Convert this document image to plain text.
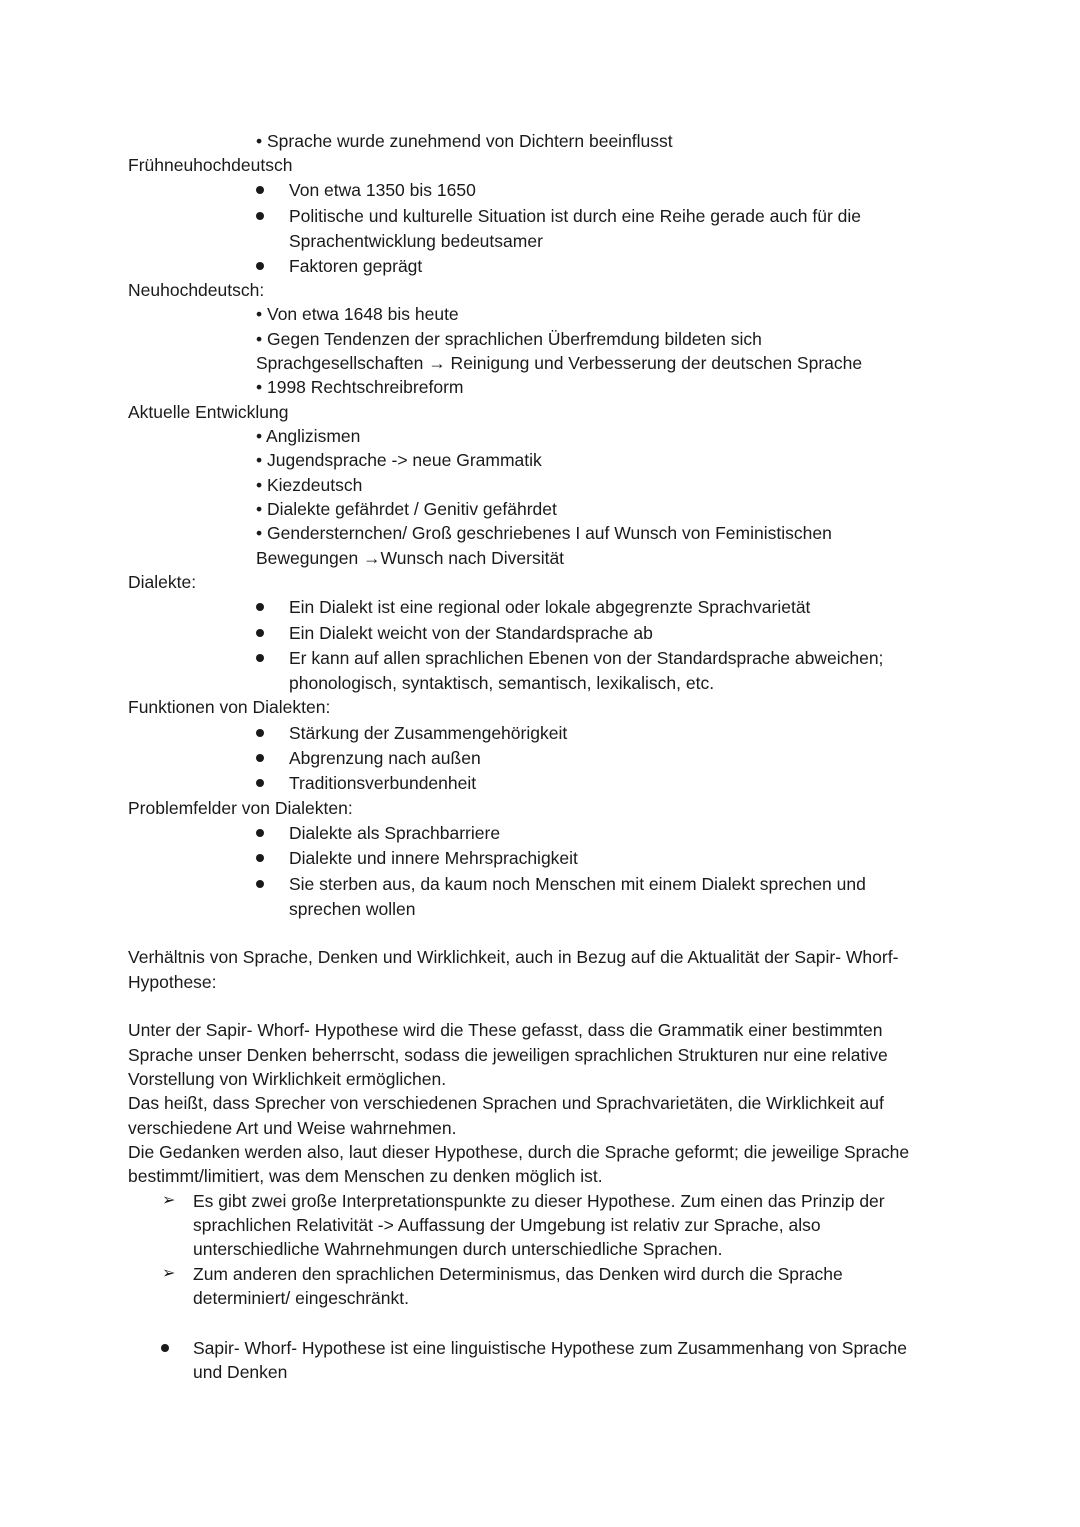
• Sprache wurde zunehmend von Dichtern beeinflusst
Frühneuhochdeutsch
Von etwa 1350 bis 1650
Politische und kulturelle Situation ist durch eine Reihe gerade auch für die
Sprachentwicklung bedeutsamer
Faktoren geprägt
Neuhochdeutsch:
• Von etwa 1648 bis heute
• Gegen Tendenzen der sprachlichen Überfremdung bildeten sich
Sprachgesellschaften → Reinigung und Verbesserung der deutschen Sprache
• 1998 Rechtschreibreform
Aktuelle Entwicklung
• Anglizismen
• Jugendsprache -> neue Grammatik
• Kiezdeutsch
• Dialekte gefährdet / Genitiv gefährdet
• Gendersternchen/ Groß geschriebenes I auf Wunsch von Feministischen
Bewegungen →Wunsch nach Diversität
Dialekte:
Ein Dialekt ist eine regional oder lokale abgegrenzte Sprachvarietät
Ein Dialekt weicht von der Standardsprache ab
Er kann auf allen sprachlichen Ebenen von der Standardsprache abweichen;
phonologisch, syntaktisch, semantisch, lexikalisch, etc.
Funktionen von Dialekten:
Stärkung der Zusammengehörigkeit
Abgrenzung nach außen
Traditionsverbundenheit
Problemfelder von Dialekten:
Dialekte als Sprachbarriere
Dialekte und innere Mehrsprachigkeit
Sie sterben aus, da kaum noch Menschen mit einem Dialekt sprechen und
sprechen wollen
Verhältnis von Sprache, Denken und Wirklichkeit, auch in Bezug auf die Aktualität der Sapir- Whorf-
Hypothese:
Unter der Sapir- Whorf- Hypothese wird die These gefasst, dass die Grammatik einer bestimmten
Sprache unser Denken beherrscht, sodass die jeweiligen sprachlichen Strukturen nur eine relative
Vorstellung von Wirklichkeit ermöglichen.
Das heißt, dass Sprecher von verschiedenen Sprachen und Sprachvarietäten, die Wirklichkeit auf
verschiedene Art und Weise wahrnehmen.
Die Gedanken werden also, laut dieser Hypothese, durch die Sprache geformt; die jeweilige Sprache
bestimmt/limitiert, was dem Menschen zu denken möglich ist.
➢ Es gibt zwei große Interpretationspunkte zu dieser Hypothese. Zum einen das Prinzip der
sprachlichen Relativität -> Auffassung der Umgebung ist relativ zur Sprache, also
unterschiedliche Wahrnehmungen durch unterschiedliche Sprachen.
➢ Zum anderen den sprachlichen Determinismus, das Denken wird durch die Sprache
determiniert/ eingeschränkt.
Sapir- Whorf- Hypothese ist eine linguistische Hypothese zum Zusammenhang von Sprache
und Denken
